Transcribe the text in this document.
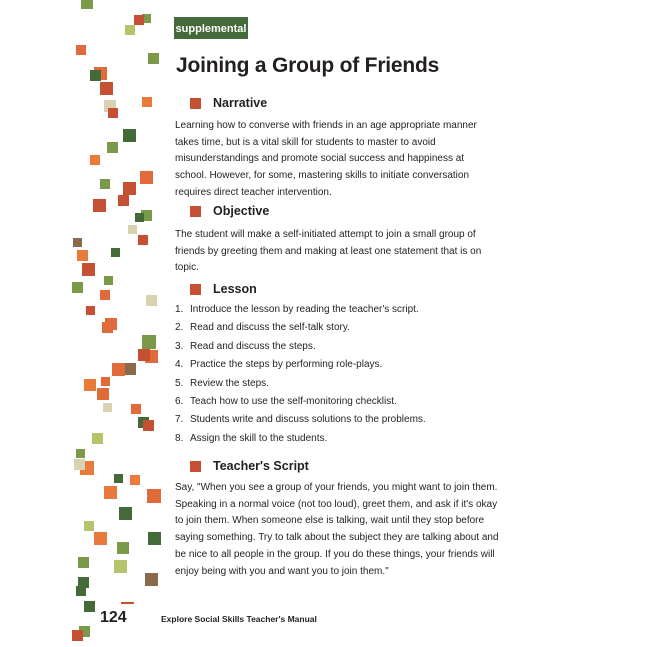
supplemental
Joining a Group of Friends
Narrative

Learning how to converse with friends in an age appropriate manner takes time, but is a vital skill for students to master to avoid misunderstandings and promote social success and happiness at school. However, for some, mastering skills to initiate conversation requires direct teacher intervention.

Objective

The student will make a self-initiated attempt to join a small group of friends by greeting them and making at least one statement that is on topic.

Lesson
1. Introduce the lesson by reading the teacher's script.
2. Read and discuss the self-talk story.
3. Read and discuss the steps.
4. Practice the steps by performing role-plays.
5. Review the steps.
6. Teach how to use the self-monitoring checklist.
7. Students write and discuss solutions to the problems.
8. Assign the skill to the students.
Teacher's Script

Say, "When you see a group of your friends, you might want to join them. Speaking in a normal voice (not too loud), greet them, and ask if it's okay to join them. When someone else is talking, wait until they stop before saying something. Try to talk about the subject they are talking about and be nice to all people in the group. If you do these things, your friends will enjoy being with you and want you to join them."

124	Explore Social Skills Teacher's Manual
